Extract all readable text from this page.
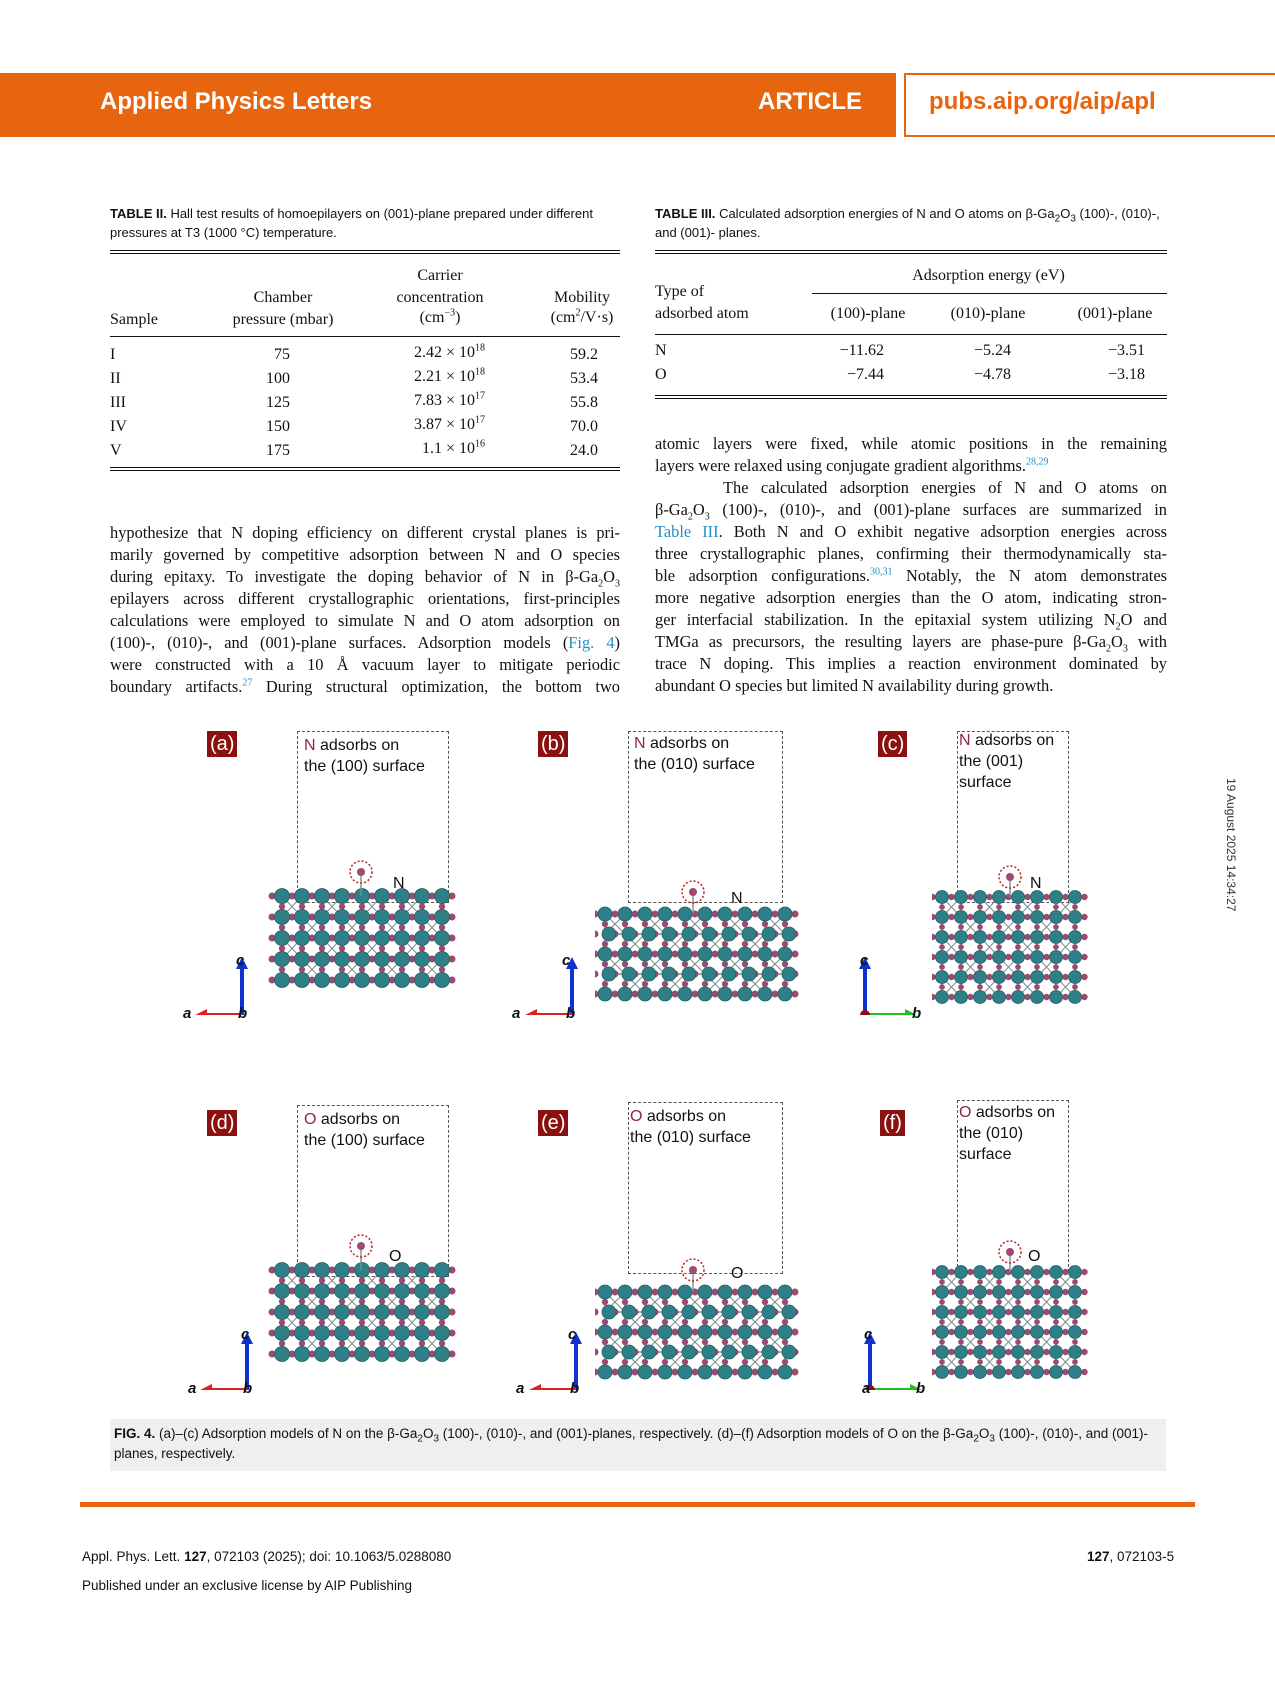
Applied Physics Letters	ARTICLE	pubs.aip.org/aip/apl
19 August 2025 14:34:27
TABLE II. Hall test results of homoepilayers on (001)-plane prepared under different pressures at T3 (1000 °C) temperature.
Carrier
Chamber	concentration	Mobility
Sample	pressure (mbar)	$(cm^{-3})$	$(cm^2/V\cdot s)$
I	75	$2.42 \times 10^{18}$	59.2
II	100	$2.21 \times 10^{18}$	53.4
III	125	$7.83 \times 10^{17}$	55.8
IV	150	$3.87 \times 10^{17}$	70.0
V	175	$1.1 \times 10^{16}$	24.0
TABLE III. Calculated adsorption energies of N and O atoms on $\beta-Ga_2O_3$ (100)-, (010)-, and (001)- planes.
Adsorption energy (eV)
Type of
adsorbed atom	(100)-plane	(010)-plane	(001)-plane
N	−11.62	−5.24	−3.51
O	−7.44	−4.78	−3.18
hypothesize that N doping efficiency on different crystal planes is pri-
marily governed by competitive adsorption between N and O species
during epitaxy. To investigate the doping behavior of N in $\beta-Ga_2O_3$
epilayers across different crystallographic orientations, first-principles
calculations were employed to simulate N and O atom adsorption on
(100)-, (010)-, and (001)-plane surfaces. Adsorption models (Fig. 4)
were constructed with a 10 Å vacuum layer to mitigate periodic
boundary artifacts.$^{27}$ During structural optimization, the bottom two
atomic layers were fixed, while atomic positions in the remaining
layers were relaxed using conjugate gradient algorithms.$^{28,29}$
The calculated adsorption energies of N and O atoms on
$\beta-Ga_2O_3$ (100)-, (010)-, and (001)-plane surfaces are summarized in
Table III. Both N and O exhibit negative adsorption energies across
three crystallographic planes, confirming their thermodynamically sta-
ble adsorption configurations.$^{30,31}$ Notably, the N atom demonstrates
more negative adsorption energies than the O atom, indicating stron-
ger interfacial stabilization. In the epitaxial system utilizing $N_2O$ and
TMGa as precursors, the resulting layers are phase-pure $\beta-Ga_2O_3$ with
trace N doping. This implies a reaction environment dominated by
abundant O species but limited N availability during growth.
(a)	N adsorbs on
the (100) surface
N
c
a	b
(b)	N adsorbs on
the (010) surface
N
c
a	b
(c)	N adsorbs on
the (001)
surface
N
c
b
(d)	O adsorbs on
the (100) surface
O
c
a	b
(e)	O adsorbs on
the (010) surface
O
c
a	b
(f)	O adsorbs on
the (010)
surface
O
c
b
a
FIG. 4. (a)–(c) Adsorption models of N on the $\beta-Ga_2O_3$ (100)-, (010)-, and (001)-planes, respectively. (d)–(f) Adsorption models of O on the $\beta-Ga_2O_3$ (100)-, (010)-, and (001)-planes, respectively.
Appl. Phys. Lett. 127, 072103 (2025); doi: 10.1063/5.0288080	127, 072103-5
Published under an exclusive license by AIP Publishing
